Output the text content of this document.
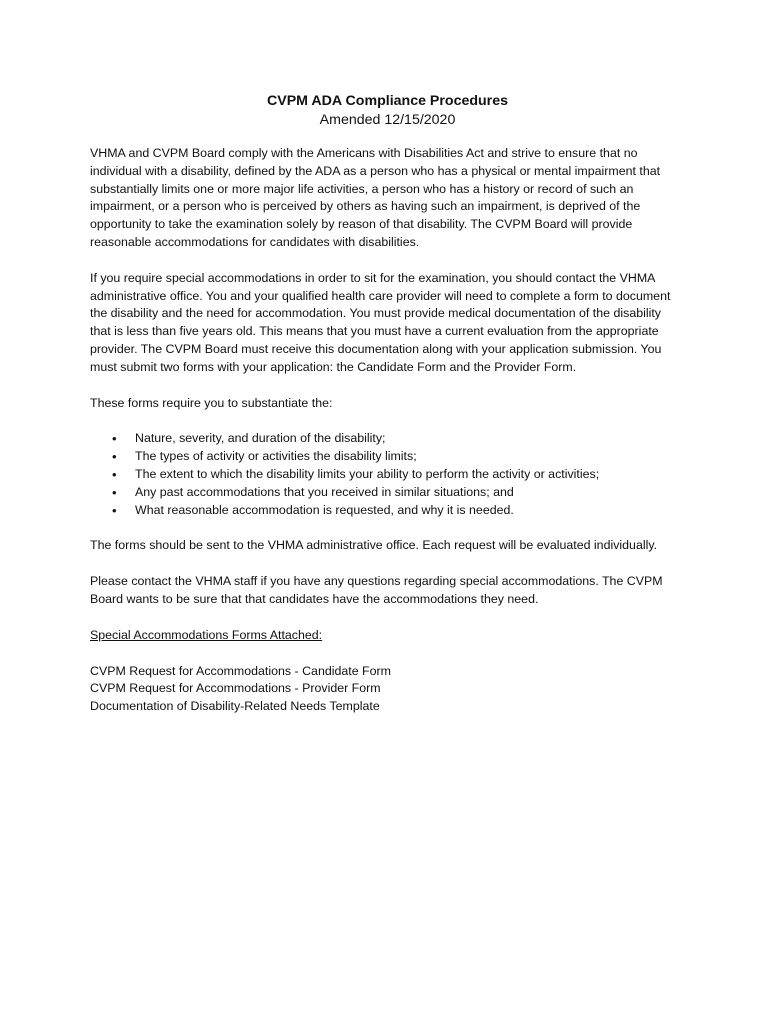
CVPM ADA Compliance Procedures
Amended 12/15/2020

VHMA and CVPM Board comply with the Americans with Disabilities Act and strive to ensure that no individual with a disability, defined by the ADA as a person who has a physical or mental impairment that substantially limits one or more major life activities, a person who has a history or record of such an impairment, or a person who is perceived by others as having such an impairment, is deprived of the opportunity to take the examination solely by reason of that disability. The CVPM Board will provide reasonable accommodations for candidates with disabilities.

If you require special accommodations in order to sit for the examination, you should contact the VHMA administrative office. You and your qualified health care provider will need to complete a form to document the disability and the need for accommodation. You must provide medical documentation of the disability that is less than five years old. This means that you must have a current evaluation from the appropriate provider. The CVPM Board must receive this documentation along with your application submission. You must submit two forms with your application: the Candidate Form and the Provider Form.

These forms require you to substantiate the:

• Nature, severity, and duration of the disability;
• The types of activity or activities the disability limits;
• The extent to which the disability limits your ability to perform the activity or activities;
• Any past accommodations that you received in similar situations; and
• What reasonable accommodation is requested, and why it is needed.

The forms should be sent to the VHMA administrative office. Each request will be evaluated individually.

Please contact the VHMA staff if you have any questions regarding special accommodations. The CVPM Board wants to be sure that that candidates have the accommodations they need.

Special Accommodations Forms Attached:

CVPM Request for Accommodations - Candidate Form
CVPM Request for Accommodations - Provider Form
Documentation of Disability-Related Needs Template
